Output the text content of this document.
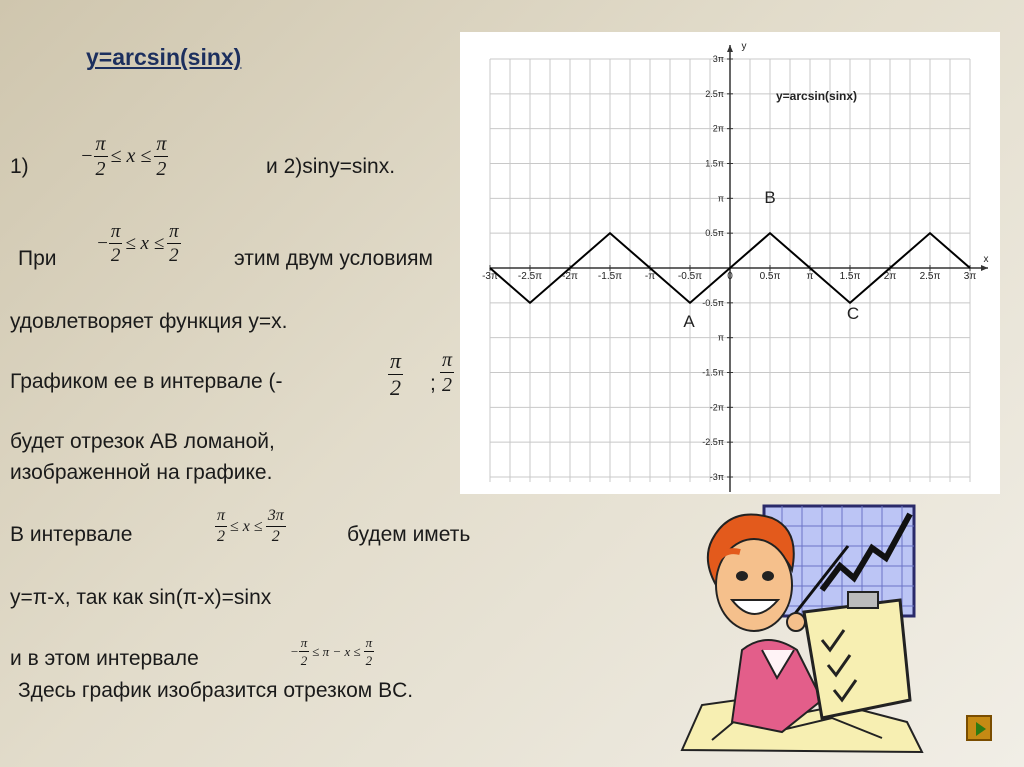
y=arcsin(sinx)
1)	− $\frac{\pi}{2} \le x \le \frac{\pi}{2}$	и 2)siny=sinx.
При
− $\frac{\pi}{2} \le x \le \frac{\pi}{2}$	этим двум условиям
удовлетворяет функция y=x.
Графиком ее в интервале (-	$\frac{\pi}{2}$ ; $\frac{\pi}{2}$
будет отрезок AB ломаной,
изображенной на графике.
В интервале	$\frac{\pi}{2} \le x \le \frac{3\pi}{2}$	будем иметь
y=π-x, так как sin(π-x)=sinx
и в этом интервале	− $\frac{\pi}{2} \le \pi - x \le \frac{\pi}{2}$
Здесь график изобразится отрезком BC.
x
y
-3π -2.5π -2π -1.5π -π -0.5π	0	0.5π	π	1.5π 2π 2.5π 3π
3π
2.5π
2π
1.5π
π
0.5π
-0.5π
π
-1.5π
-2π
-2.5π
-3π
y=arcsin(sinx)
A
B
C
